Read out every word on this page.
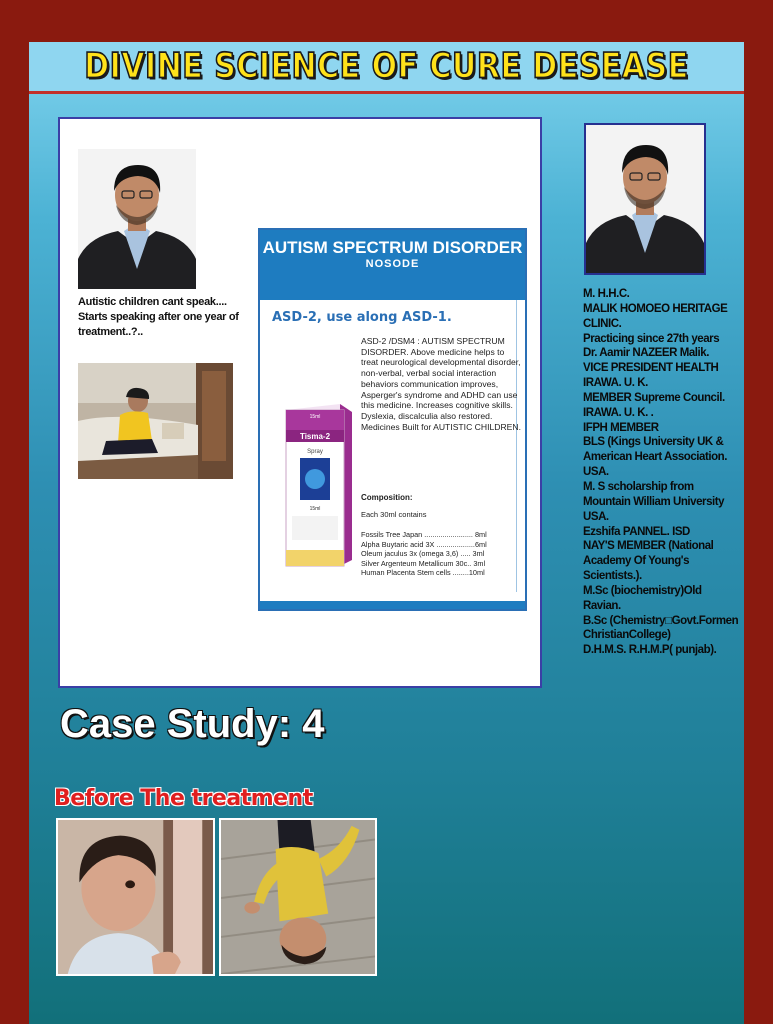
DIVINE SCIENCE OF CURE DESEASE
Autistic children cant speak.... Starts speaking after one year of treatment..?..
AUTISM SPECTRUM DISORDER
NOSODE
ASD-2, use along ASD-1.
15ml
Tisma-2
Spray
15ml
ASD-2 /DSM4 : AUTISM SPECTRUM DISORDER. Above medicine helps to treat neurological developmental disorder, non-verbal, verbal social interaction behaviors communication improves, Asperger's syndrome and ADHD can use this medicine. Increases cognitive skills. Dyslexia, discalculia also restored. Medicines Built for AUTISTIC CHILDREN.
Composition:
Each 30ml contains
Fossils Tree Japan ........................ 8ml
Alpha Buytaric acid 3X ...................6ml
Oleum jaculus 3x (omega 3,6) ..... 3ml
Silver Argenteum Metallicum 30c.. 3ml
Human Placenta Stem cells ........10ml

M. H.H.C.

MALIK HOMOEO HERITAGE

CLINIC.

Practicing since 27th years

Dr. Aamir NAZEER Malik.

VICE PRESIDENT HEALTH

IRAWA. U. K.

MEMBER Supreme Council.

IRAWA. U. K. .

IFPH MEMBER

BLS (Kings University UK &

American Heart Association.

USA.

M. S scholarship from

Mountain William University

USA.

Ezshifa PANNEL. ISD

NAY'S MEMBER (National

Academy Of Young's

Scientists.).

M.Sc (biochemistry)Old

Ravian.

B.Sc (Chemistry□Govt.Formen

ChristianCollege)

D.H.M.S. R.H.M.P( punjab).

Case Study: 4
Before The treatment
